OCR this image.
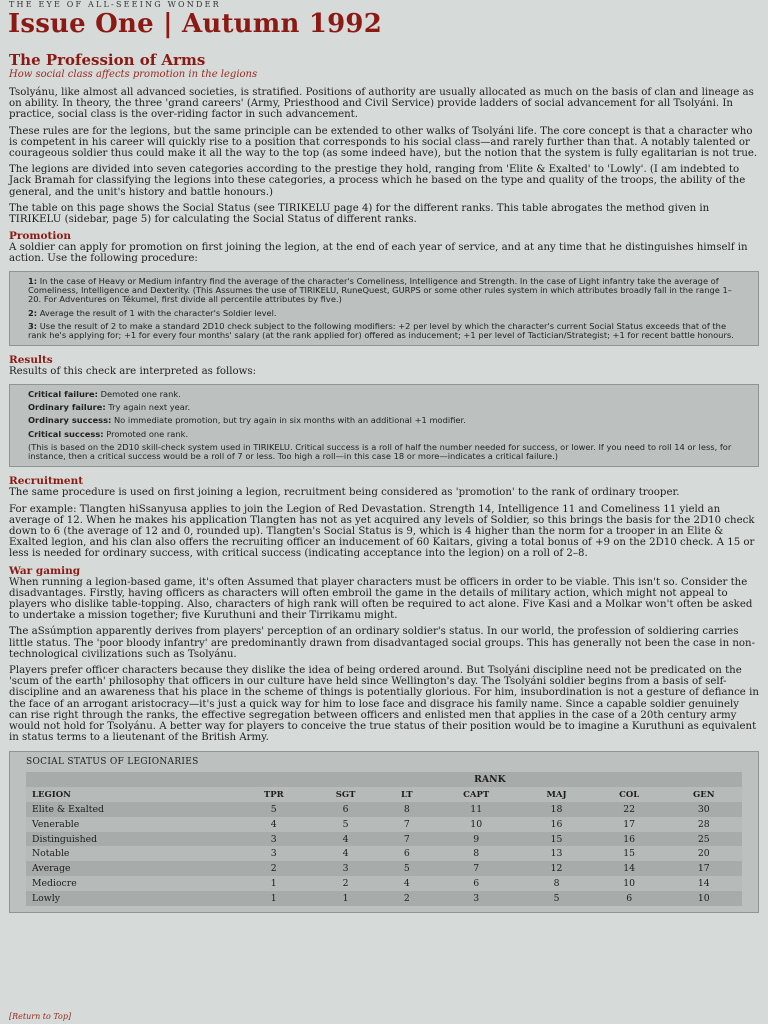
THE EYE OF ALL-SEEING WONDER
Issue One | Autumn 1992
The Profession of Arms
How social class affects promotion in the legions

Tsolyánu, like almost all advanced societies, is stratified. Positions of authority are usually allocated as much on the basis of clan and lineage as on ability. In theory, the three 'grand careers' (Army, Priesthood and Civil Service) provide ladders of social advancement for all Tsolyáni. In practice, social class is the over-riding factor in such advancement.

These rules are for the legions, but the same principle can be extended to other walks of Tsolyáni life. The core concept is that a character who is competent in his career will quickly rise to a position that corresponds to his social class—and rarely further than that. A notably talented or courageous soldier thus could make it all the way to the top (as some indeed have), but the notion that the system is fully egalitarian is not true.

The legions are divided into seven categories according to the prestige they hold, ranging from 'Elite & Exalted' to 'Lowly'. (I am indebted to Jack Bramah for classifying the legions into these categories, a process which he based on the type and quality of the troops, the ability of the general, and the unit's history and battle honours.)

The table on this page shows the Social Status (see TIRIKELU page 4) for the different ranks. This table abrogates the method given in TIRIKELU (sidebar, page 5) for calculating the Social Status of different ranks.

Promotion

A soldier can apply for promotion on first joining the legion, at the end of each year of service, and at any time that he distinguishes himself in action. Use the following procedure:

1: In the case of Heavy or Medium infantry find the average of the character's Comeliness, Intelligence and Strength. In the case of Light infantry take the average of Comeliness, Intelligence and Dexterity. (This Assumes the use of TIRIKELU, RuneQuest, GURPS or some other rules system in which attributes broadly fall in the range 1–20. For Adventures on Tékumel, first divide all percentile attributes by five.)

2: Average the result of 1 with the character's Soldier level.

3: Use the result of 2 to make a standard 2D10 check subject to the following modifiers: +2 per level by which the character's current Social Status exceeds that of the rank he's applying for; +1 for every four months' salary (at the rank applied for) offered as inducement; +1 per level of Tactician/Strategist; +1 for recent battle honours.

Results

Results of this check are interpreted as follows:

Critical failure: Demoted one rank.
Ordinary failure: Try again next year.
Ordinary success: No immediate promotion, but try again in six months with an additional +1 modifier.
Critical success: Promoted one rank.
(This is based on the 2D10 skill-check system used in TIRIKELU. Critical success is a roll of half the number needed for success, or lower. If you need to roll 14 or less, for instance, then a critical success would be a roll of 7 or less. Too high a roll—in this case 18 or more—indicates a critical failure.)
Recruitment

The same procedure is used on first joining a legion, recruitment being considered as 'promotion' to the rank of ordinary trooper.

For example: Tlangten hiSsanyusa applies to join the Legion of Red Devastation. Strength 14, Intelligence 11 and Comeliness 11 yield an average of 12. When he makes his application Tlangten has not as yet acquired any levels of Soldier, so this brings the basis for the 2D10 check down to 6 (the average of 12 and 0, rounded up). Tlangten's Social Status is 9, which is 4 higher than the norm for a trooper in an Elite & Exalted legion, and his clan also offers the recruiting officer an inducement of 60 Kaitars, giving a total bonus of +9 on the 2D10 check. A 15 or less is needed for ordinary success, with critical success (indicating acceptance into the legion) on a roll of 2–8.

War gaming

When running a legion-based game, it's often Assumed that player characters must be officers in order to be viable. This isn't so. Consider the disadvantages. Firstly, having officers as characters will often embroil the game in the details of military action, which might not appeal to players who dislike table-topping. Also, characters of high rank will often be required to act alone. Five Kasi and a Molkar won't often be asked to undertake a mission together; five Kuruthuni and their Tirrikamu might.

The aSsúmption apparently derives from players' perception of an ordinary soldier's status. In our world, the profession of soldiering carries little status. The 'poor bloody infantry' are predominantly drawn from disadvantaged social groups. This has generally not been the case in non-technological civilizations such as Tsolyánu.

Players prefer officer characters because they dislike the idea of being ordered around. But Tsolyáni discipline need not be predicated on the 'scum of the earth' philosophy that officers in our culture have held since Wellington's day. The Tsolyáni soldier begins from a basis of self-discipline and an awareness that his place in the scheme of things is potentially glorious. For him, insubordination is not a gesture of defiance in the face of an arrogant aristocracy—it's just a quick way for him to lose face and disgrace his family name. Since a capable soldier genuinely can rise right through the ranks, the effective segregation between officers and enlisted men that applies in the case of a 20th century army would not hold for Tsolyánu. A better way for players to conceive the true status of their position would be to imagine a Kuruthuni as equivalent in status terms to a lieutenant of the British Army.

SOCIAL STATUS OF LEGIONARIES
	RANK						
LEGION	TPR	SGT	LT	CAPT	MAJ	COL	GEN
Elite & Exalted	5	6	8	11	18	22	30
Venerable	4	5	7	10	16	17	28
Distinguished	3	4	7	9	15	16	25
Notable	3	4	6	8	13	15	20
Average	2	3	5	7	12	14	17
Mediocre	1	2	4	6	8	10	14
Lowly	1	1	2	3	5	6	10
[Return to Top]
